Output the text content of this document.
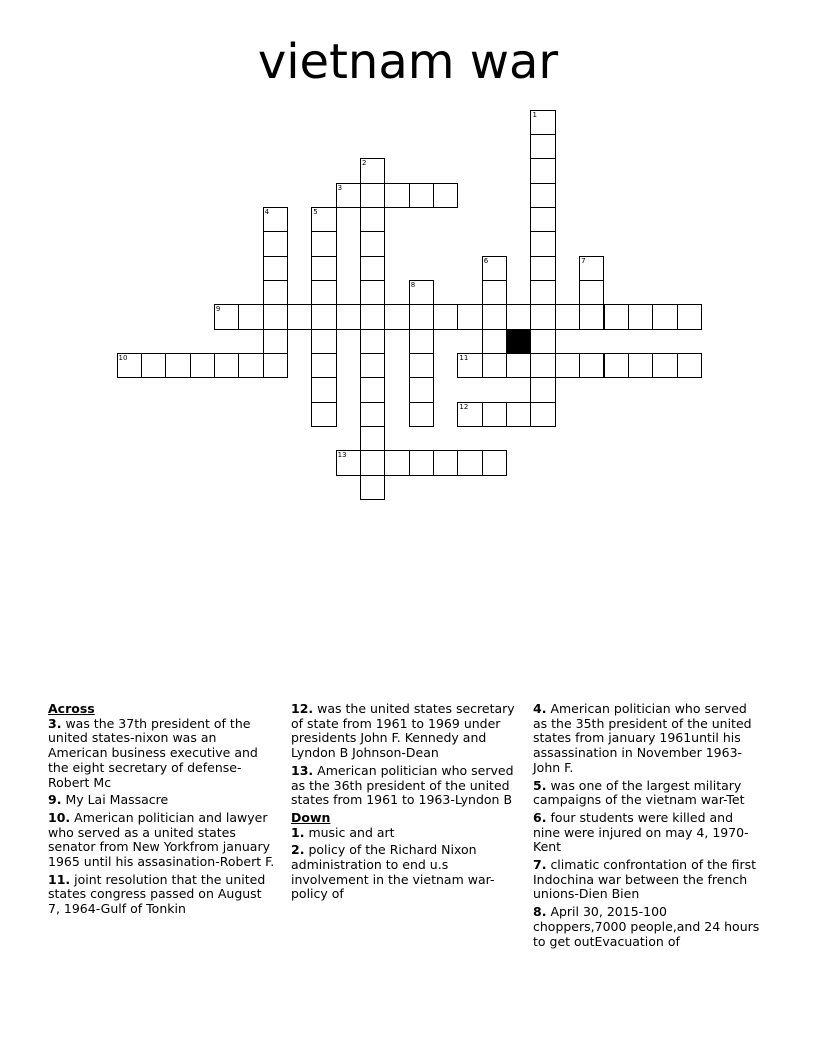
vietnam war
1
2
3
4	5
6	7
8
9
10	11
12
13

Across

3. was the 37th president of the united states-nixon was an American business executive and the eight secretary of defense-Robert Mc

9. My Lai Massacre

10. American politician and lawyer who served as a united states senator from New Yorkfrom january 1965 until his assasination-Robert F.

11. joint resolution that the united states congress passed on August 7, 1964-Gulf of Tonkin

12. was the united states secretary of state from 1961 to 1969 under presidents John F. Kennedy and Lyndon B Johnson-Dean

13. American politician who served as the 36th president of the united states from 1961 to 1963-Lyndon B

Down

1. music and art

2. policy of the Richard Nixon administration to end u.s involvement in the vietnam war-policy of

4. American politician who served as the 35th president of the united states from january 1961until his assassination in November 1963-John F.

5. was one of the largest military campaigns of the vietnam war-Tet

6. four students were killed and nine were injured on may 4, 1970-Kent

7. climatic confrontation of the first Indochina war between the french unions-Dien Bien

8. April 30, 2015-100 choppers,7000 people,and 24 hours to get outEvacuation of
